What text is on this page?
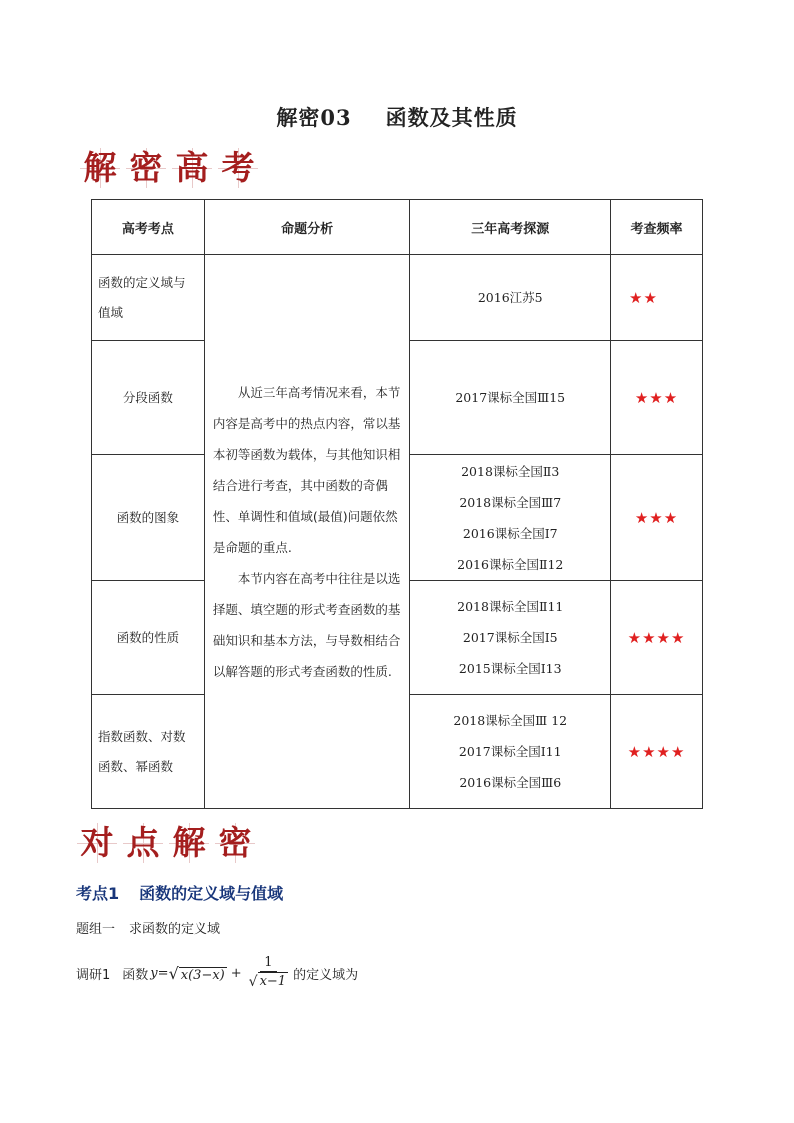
解密03 函数及其性质
解 密 高 考
高考考点	命题分析	三年高考探源	考查频率
函数的定义域与值域	从近三年高考情况来看，本节内容是高考中的热点内容，常以基本初等函数为载体，与其他知识相结合进行考查，其中函数的奇偶性、单调性和值域(最值)问题依然是命题的重点.

本节内容在高考中往往是以选择题、填空题的形式考查函数的基础知识和基本方法，与导数相结合以解答题的形式考查函数的性质.	2016江苏5	★★
分段函数		2017课标全国Ⅲ15	★★★
函数的图象		2018课标全国Ⅱ3
2018课标全国Ⅲ7
2016课标全国Ⅰ7
2016课标全国Ⅱ12	★★★
函数的性质		2018课标全国Ⅱ11
2017课标全国Ⅰ5
2015课标全国Ⅰ13	★★★★
指数函数、对数函数、幂函数		2018课标全国Ⅲ 12
2017课标全国Ⅰ11
2016课标全国Ⅲ6	★★★★
对 点 解 密
考点1 函数的定义域与值域
题组一 求函数的定义域
调研1 函数 y = √ $x(3-x) + \frac{1}{√ x-1}$ 的定义域为
